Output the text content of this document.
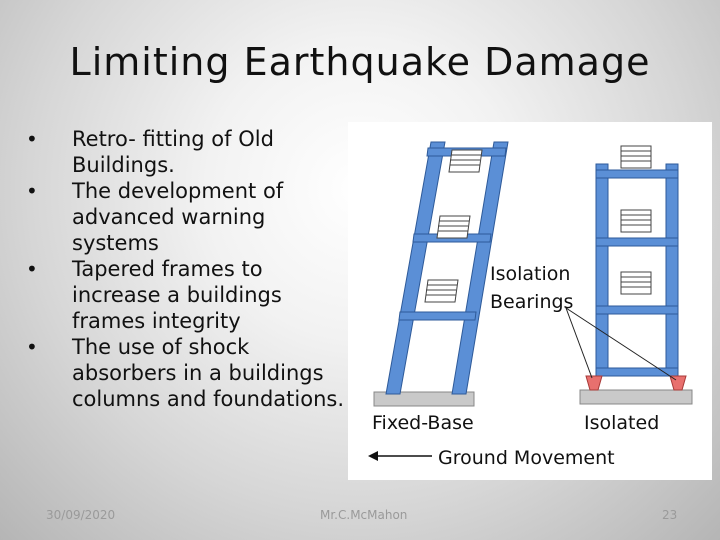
Limiting Earthquake Damage
•	Retro- fitting of Old Buildings.
•	The development of advanced warning systems
•	Tapered frames to increase a buildings frames integrity
•	The use of shock absorbers in a buildings columns and foundations.
Isolation
Bearings
Fixed-Base	Isolated
Ground Movement
30/09/2020	Mr.C.McMahon	23
